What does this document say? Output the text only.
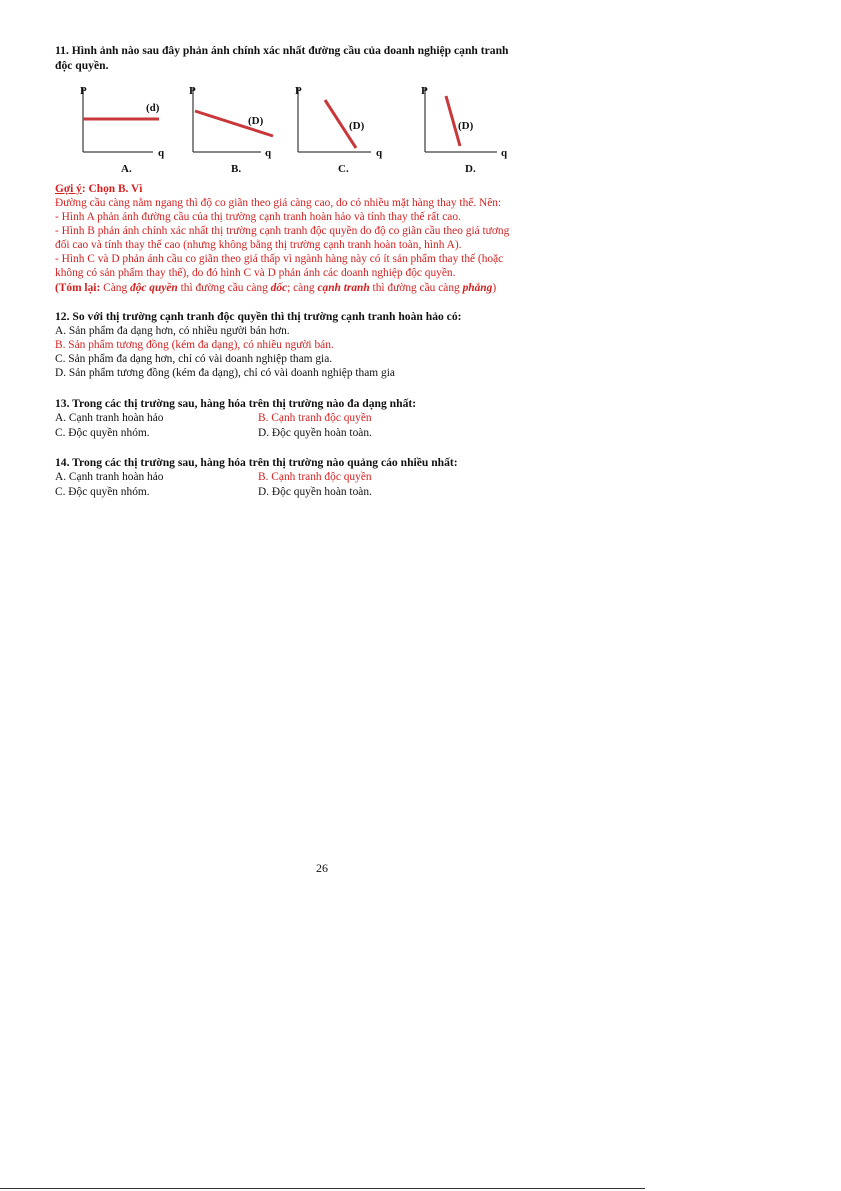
11. Hình ảnh nào sau đây phản ánh chính xác nhất đường cầu của doanh nghiệp cạnh tranh

độc quyền.

P
q
(d)
A.
P
q
(D)
B.
P
q
(D)
C.
P
q
(D)
D.
Gợi ý: Chọn B. Vì
Đường cầu càng nằm ngang thì độ co giãn theo giá càng cao, do có nhiều mặt hàng thay thế. Nên:
- Hình A phản ánh đường cầu của thị trường cạnh tranh hoàn hảo và tính thay thế rất cao.
- Hình B phản ánh chính xác nhất thị trường cạnh tranh độc quyền do độ co giãn cầu theo giá tương
đối cao và tính thay thế cao (nhưng không bằng thị trường cạnh tranh hoàn toàn, hình A).
- Hình C và D phản ánh cầu co giãn theo giá thấp vì ngành hàng này có ít sản phẩm thay thế (hoặc
không có sản phẩm thay thế), do đó hình C và D phản ánh các doanh nghiệp độc quyền.
(Tóm lại: Càng độc quyền thì đường cầu càng dốc; càng cạnh tranh thì đường cầu càng phẳng)

12. So với thị trường cạnh tranh độc quyền thì thị trường cạnh tranh hoàn hảo có:

A. Sản phẩm đa dạng hơn, có nhiều người bán hơn.
B. Sản phẩm tương đồng (kém đa dạng), có nhiều người bán.
C. Sản phẩm đa dạng hơn, chỉ có vài doanh nghiệp tham gia.
D. Sản phẩm tương đồng (kém đa dạng), chỉ có vài doanh nghiệp tham gia

13. Trong các thị trường sau, hàng hóa trên thị trường nào đa dạng nhất:

A. Cạnh tranh hoàn hảo	B. Cạnh tranh độc quyền
C. Độc quyền nhóm.	D. Độc quyền hoàn toàn.

14. Trong các thị trường sau, hàng hóa trên thị trường nào quảng cáo nhiều nhất:

A. Cạnh tranh hoàn hảo	B. Cạnh tranh độc quyền
C. Độc quyền nhóm.	D. Độc quyền hoàn toàn.
26
